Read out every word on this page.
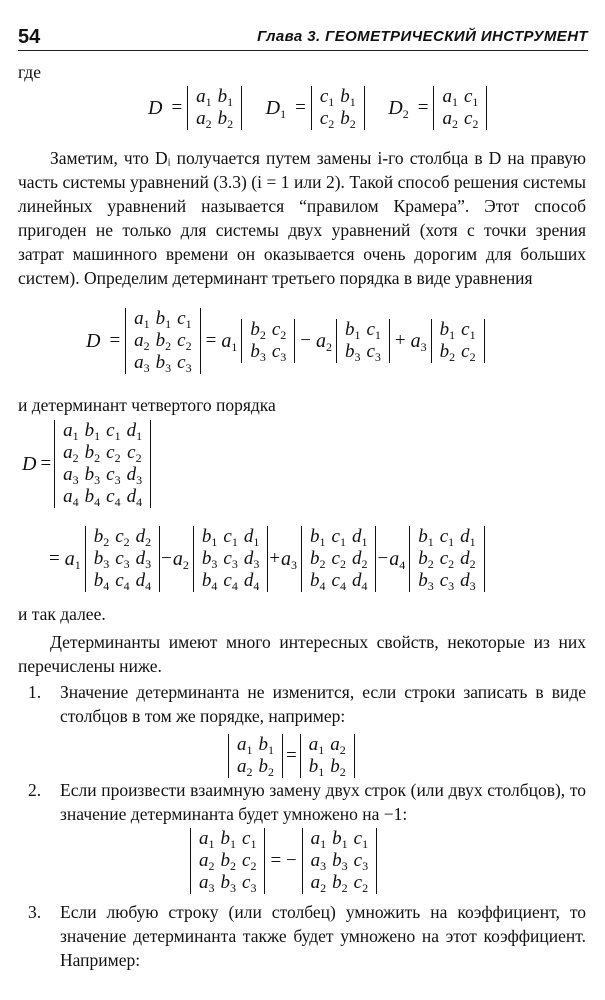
54	Глава 3. ГЕОМЕТРИЧЕСКИЙ ИНСТРУМЕНТ
где
D =
$a_1$	$b_1$
$a_2$	$b_2$
$D_1$ =
$c_1$	$b_1$
$c_2$	$b_2$
$D_2$ =
$a_1$	$c_1$
$a_2$	$c_2$

Заметим, что Dᵢ получается путем замены i-го столбца в D на правую часть системы уравнений (3.3) (i = 1 или 2). Такой способ решения системы линейных уравнений называется “правилом Крамера”. Этот способ пригоден не только для системы двух уравнений (хотя с точки зрения затрат машинного времени он оказывается очень дорогим для больших систем). Определим детерминант третьего порядка в виде уравнения

D =
$a_1$	$b_1$	$c_1$
$a_2$	$b_2$	$c_2$
$a_3$	$b_3$	$c_3$
= $a_1$
$b_2$	$c_2$
$b_3$	$c_3$
− $a_2$
$b_1$	$c_1$
$b_3$	$c_3$
+ $a_3$
$b_1$	$c_1$
$b_2$	$c_2$
и детерминант четвертого порядка
D =
$a_1$	$b_1$	$c_1$	$d_1$
$a_2$	$b_2$	$c_2$	$c_2$
$a_3$	$b_3$	$c_3$	$d_3$
$a_4$	$b_4$	$c_4$	$d_4$
= $a_1$
$b_2$	$c_2$	$d_2$
$b_3$	$c_3$	$d_3$
$b_4$	$c_4$	$d_4$
$-a_2$
$b_1$	$c_1$	$d_1$
$b_3$	$c_3$	$d_3$
$b_4$	$c_4$	$d_4$
$+a_3$
$b_1$	$c_1$	$d_1$
$b_2$	$c_2$	$d_2$
$b_4$	$c_4$	$d_4$
$-a_4$
$b_1$	$c_1$	$d_1$
$b_2$	$c_2$	$d_2$
$b_3$	$c_3$	$d_3$
и так далее.

Детерминанты имеют много интересных свойств, некоторые из них перечислены ниже.

1. Значение детерминанта не изменится, если строки записать в виде столбцов в том же порядке, например:
$a_1$	$b_1$
$a_2$	$b_2$
=
$a_1$	$a_2$
$b_1$	$b_2$
2. Если произвести взаимную замену двух строк (или двух столбцов), то значение детерминанта будет умножено на −1:
$a_1$	$b_1$	$c_1$
$a_2$	$b_2$	$c_2$
$a_3$	$b_3$	$c_3$
= −
$a_1$	$b_1$	$c_1$
$a_3$	$b_3$	$c_3$
$a_2$	$b_2$	$c_2$
3. Если любую строку (или столбец) умножить на коэффициент, то значение детерминанта также будет умножено на этот коэффициент. Например:
